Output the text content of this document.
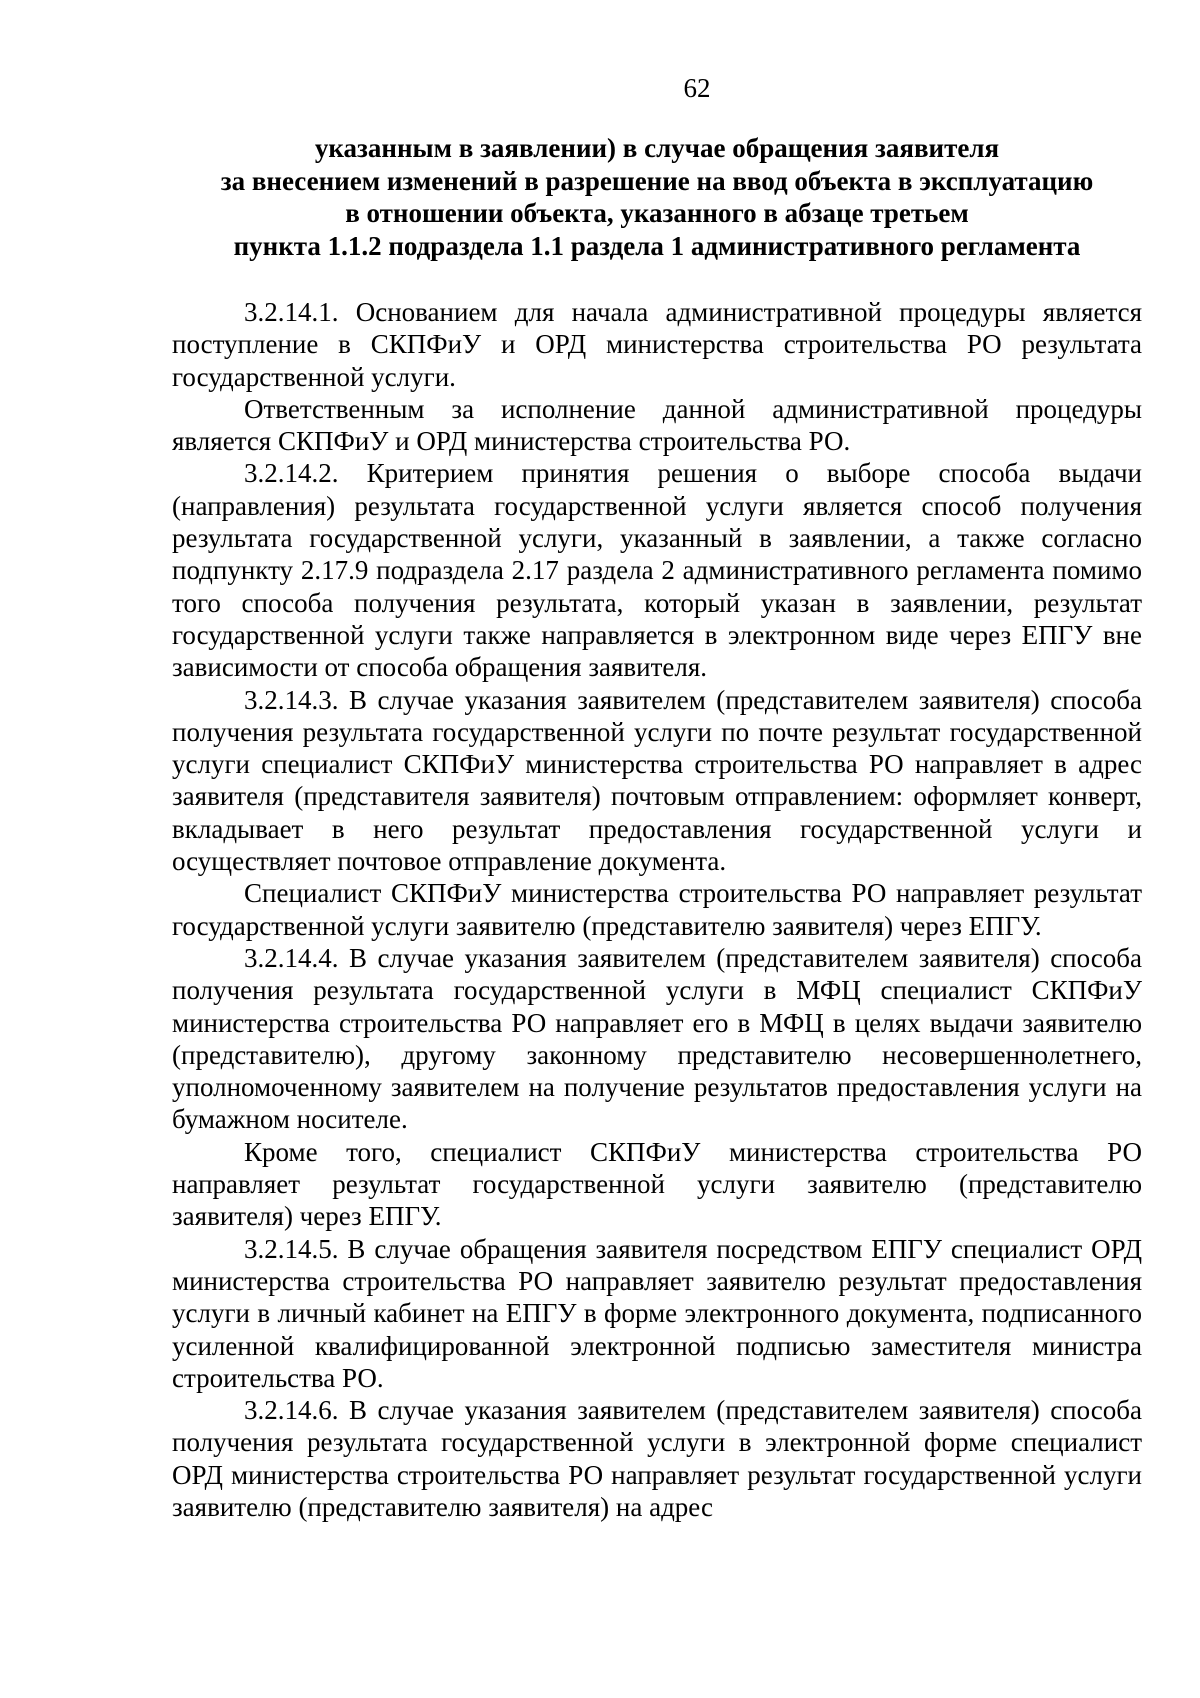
62
указанным в заявлении) в случае обращения заявителя
за внесением изменений в разрешение на ввод объекта в эксплуатацию
в отношении объекта, указанного в абзаце третьем
пункта 1.1.2 подраздела 1.1 раздела 1 административного регламента

3.2.14.1. Основанием для начала административной процедуры является поступление в СКПФиУ и ОРД министерства строительства РО результата государственной услуги.

Ответственным за исполнение данной административной процедуры является СКПФиУ и ОРД министерства строительства РО.

3.2.14.2. Критерием принятия решения о выборе способа выдачи (направления) результата государственной услуги является способ получения результата государственной услуги, указанный в заявлении, а также согласно подпункту 2.17.9 подраздела 2.17 раздела 2 административного регламента помимо того способа получения результата, который указан в заявлении, результат государственной услуги также направляется в электронном виде через ЕПГУ вне зависимости от способа обращения заявителя.

3.2.14.3. В случае указания заявителем (представителем заявителя) способа получения результата государственной услуги по почте результат государственной услуги специалист СКПФиУ министерства строительства РО направляет в адрес заявителя (представителя заявителя) почтовым отправлением: оформляет конверт, вкладывает в него результат предоставления государственной услуги и осуществляет почтовое отправление документа.

Специалист СКПФиУ министерства строительства РО направляет результат государственной услуги заявителю (представителю заявителя) через ЕПГУ.

3.2.14.4. В случае указания заявителем (представителем заявителя) способа получения результата государственной услуги в МФЦ специалист СКПФиУ министерства строительства РО направляет его в МФЦ в целях выдачи заявителю (представителю), другому законному представителю несовершеннолетнего, уполномоченному заявителем на получение результатов предоставления услуги на бумажном носителе.

Кроме того, специалист СКПФиУ министерства строительства РО направляет результат государственной услуги заявителю (представителю заявителя) через ЕПГУ.

3.2.14.5. В случае обращения заявителя посредством ЕПГУ специалист ОРД министерства строительства РО направляет заявителю результат предоставления услуги в личный кабинет на ЕПГУ в форме электронного документа, подписанного усиленной квалифицированной электронной подписью заместителя министра строительства РО.

3.2.14.6. В случае указания заявителем (представителем заявителя) способа получения результата государственной услуги в электронной форме специалист ОРД министерства строительства РО направляет результат государственной услуги заявителю (представителю заявителя) на адрес
